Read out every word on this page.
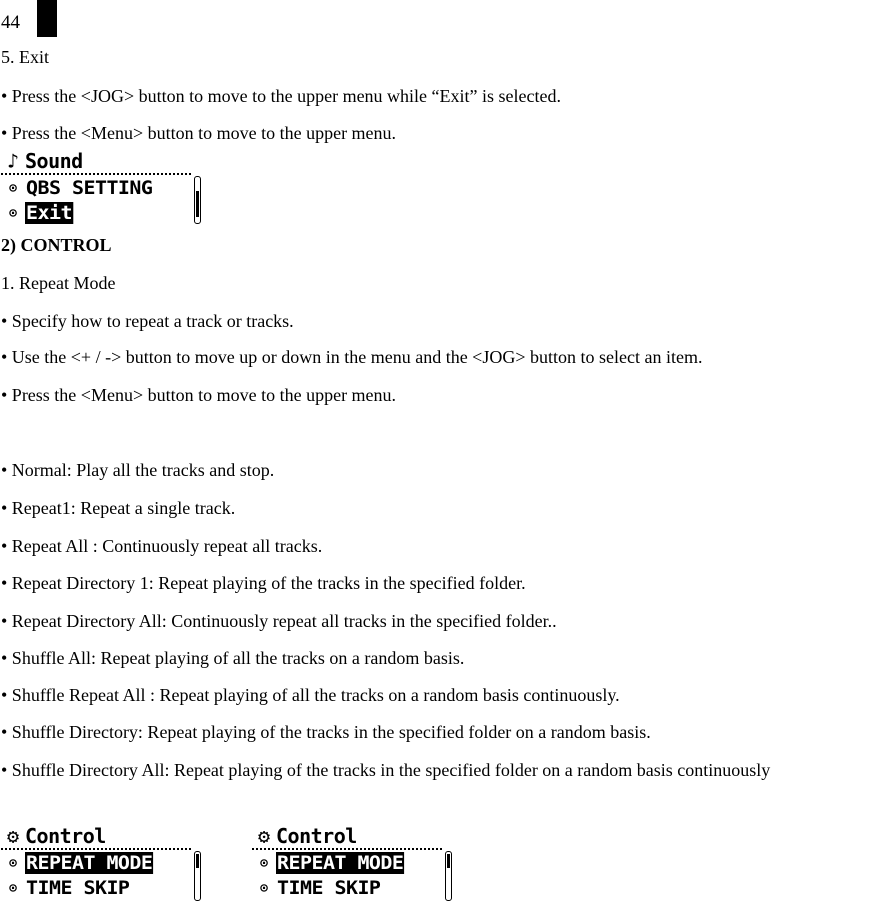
44
5. Exit
• Press the <JOG> button to move to the upper menu while “Exit” is selected.
• Press the <Menu> button to move to the upper menu.
♪ Sound
⊙ QBS SETTING
⊙ Exit
2) CONTROL
1. Repeat Mode
• Specify how to repeat a track or tracks.
• Use the <+ / -> button to move up or down in the menu and the <JOG> button to select an item.
• Press the <Menu> button to move to the upper menu.
• Normal: Play all the tracks and stop.
• Repeat1: Repeat a single track.
• Repeat All : Continuously repeat all tracks.
• Repeat Directory 1: Repeat playing of the tracks in the specified folder.
• Repeat Directory All: Continuously repeat all tracks in the specified folder..
• Shuffle All: Repeat playing of all the tracks on a random basis.
• Shuffle Repeat All : Repeat playing of all the tracks on a random basis continuously.
• Shuffle Directory: Repeat playing of the tracks in the specified folder on a random basis.
• Shuffle Directory All: Repeat playing of the tracks in the specified folder on a random basis continuously
⚙ Control
⊙ REPEAT MODE
⊙ TIME SKIP
⚙ Control
⊙ REPEAT MODE
⊙ TIME SKIP
